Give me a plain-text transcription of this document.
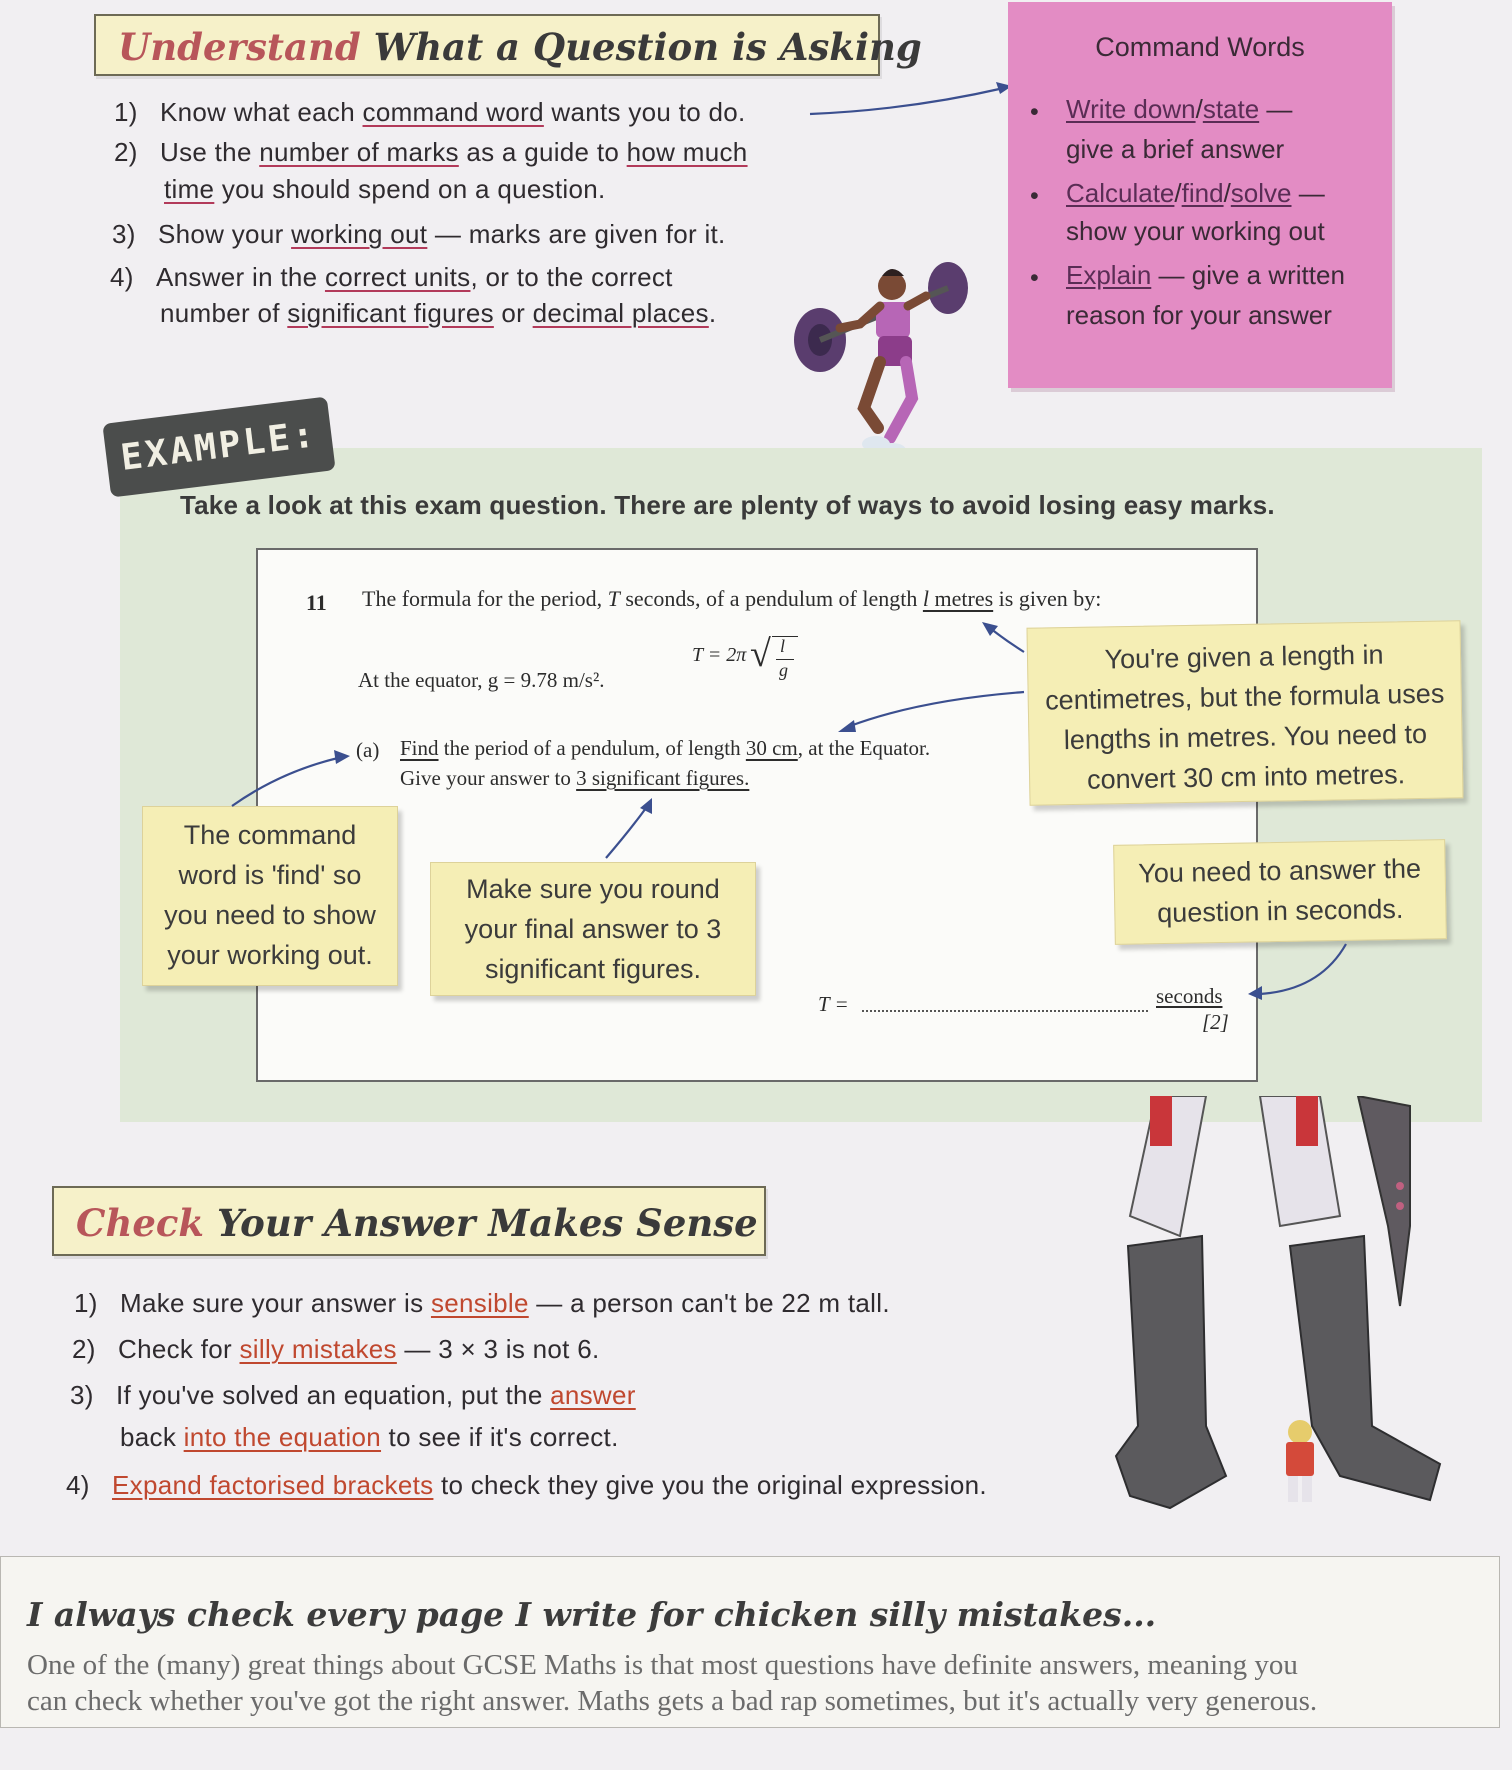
Understand What a Question is Asking
1) Know what each command word wants you to do.
2) Use the number of marks as a guide to how much
time you should spend on a question.
3) Show your working out — marks are given for it.
4) Answer in the correct units, or to the correct
number of significant figures or decimal places.
Command Words
• Write down/state —
give a brief answer
• Calculate/find/solve —
show your working out
• Explain — give a written
reason for your answer
EXAMPLE:
Take a look at this exam question. There are plenty of ways to avoid losing easy marks.
11 The formula for the period, T seconds, of a pendulum of length l metres is given by:
T = 2π √ l
g
At the equator, g = 9.78 m/s².
(a) Find the period of a pendulum, of length 30 cm, at the Equator.
Give your answer to 3 significant figures.
T =	seconds
[2]
You're given a length in
centimetres, but the formula uses
lengths in metres. You need to
convert 30 cm into metres.
The command
word is 'find' so
you need to show
your working out.
Make sure you round
your final answer to 3
significant figures.
You need to answer the
question in seconds.
Check Your Answer Makes Sense
1) Make sure your answer is sensible — a person can't be 22 m tall.
2) Check for silly mistakes — 3 × 3 is not 6.
3) If you've solved an equation, put the answer
back into the equation to see if it's correct.
4) Expand factorised brackets to check they give you the original expression.
I always check every page I write for chicken silly mistakes...
One of the (many) great things about GCSE Maths is that most questions have definite answers, meaning you
can check whether you've got the right answer. Maths gets a bad rap sometimes, but it's actually very generous.
